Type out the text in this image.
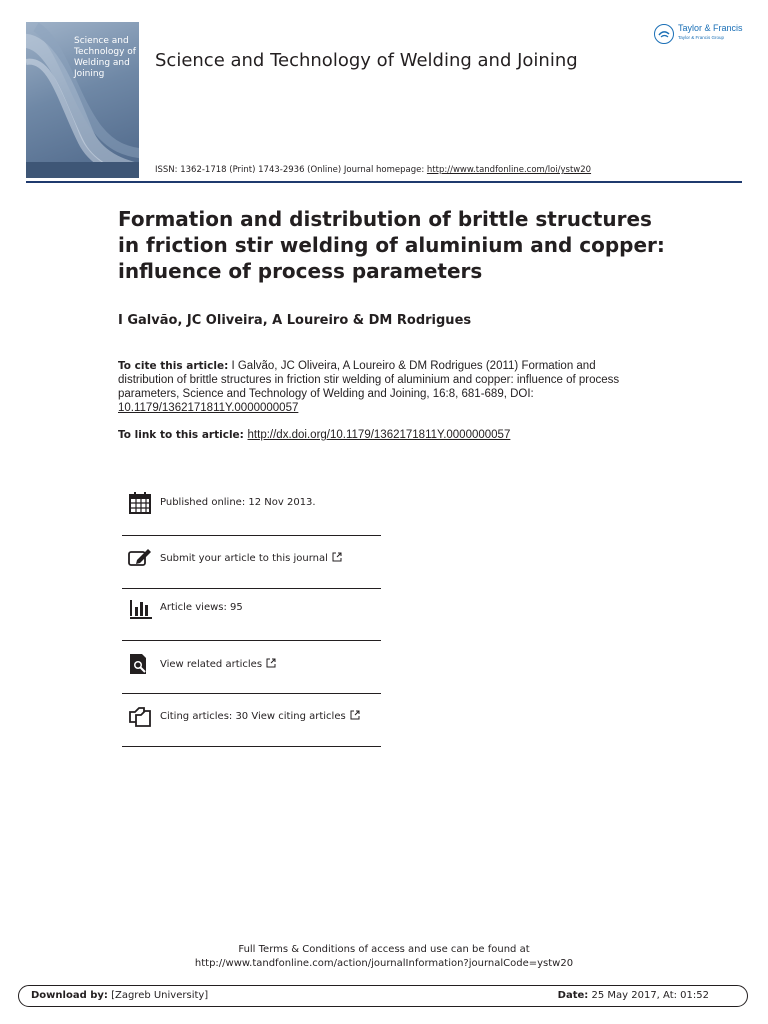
Science and
Technology of
Welding and
Joining
Science and Technology of Welding and Joining
Taylor & Francis
Taylor & Francis Group
ISSN: 1362-1718 (Print) 1743-2936 (Online) Journal homepage: http://www.tandfonline.com/loi/ystw20
Formation and distribution of brittle structures
in friction stir welding of aluminium and copper:
influence of process parameters
I Galvão, JC Oliveira, A Loureiro & DM Rodrigues
To cite this article: I Galvão, JC Oliveira, A Loureiro & DM Rodrigues (2011) Formation and distribution of brittle structures in friction stir welding of aluminium and copper: influence of process parameters, Science and Technology of Welding and Joining, 16:8, 681-689, DOI: 10.1179/1362171811Y.0000000057
To link to this article: http://dx.doi.org/10.1179/1362171811Y.0000000057
Published online: 12 Nov 2013.
Submit your article to this journal
Article views: 95
View related articles
Citing articles: 30 View citing articles
Full Terms & Conditions of access and use can be found at
http://www.tandfonline.com/action/journalInformation?journalCode=ystw20
Download by: [Zagreb University]	Date: 25 May 2017, At: 01:52
